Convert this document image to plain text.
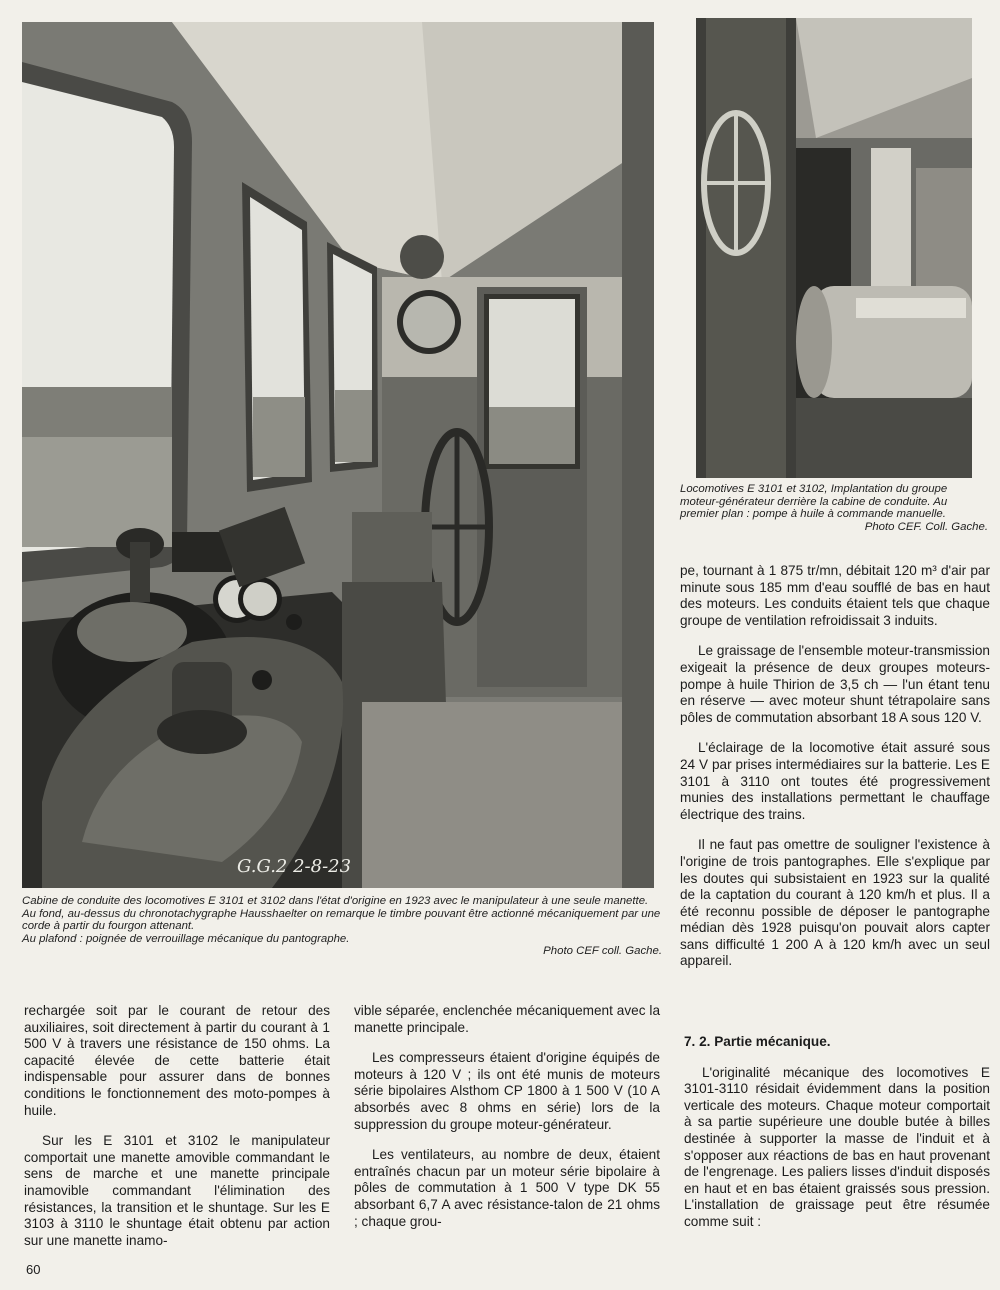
G.G.2 2-8-23

Locomotives E 3101 et 3102, Implantation du groupe moteur-générateur derrière la cabine de conduite. Au premier plan : pompe à huile à commande manuelle.

Photo CEF. Coll. Gache.

pe, tournant à 1 875 tr/mn, débitait 120 m³ d'air par minute sous 185 mm d'eau soufflé de bas en haut des moteurs. Les conduits étaient tels que chaque groupe de ventilation refroidissait 3 induits.

Le graissage de l'ensemble moteur-transmission exigeait la présence de deux groupes moteurs-pompe à huile Thirion de 3,5 ch — l'un étant tenu en réserve — avec moteur shunt tétrapolaire sans pôles de commutation absorbant 18 A sous 120 V.

L'éclairage de la locomotive était assuré sous 24 V par prises intermédiaires sur la batterie. Les E 3101 à 3110 ont toutes été progressivement munies des installations permettant le chauffage électrique des trains.

Il ne faut pas omettre de souligner l'existence à l'origine de trois pantographes. Elle s'explique par les doutes qui subsistaient en 1923 sur la qualité de la captation du courant à 120 km/h et plus. Il a été reconnu possible de déposer le pantographe médian dès 1928 puisqu'on pouvait alors capter sans difficulté 1 200 A à 120 km/h avec un seul appareil.

Cabine de conduite des locomotives E 3101 et 3102 dans l'état d'origine en 1923 avec le manipulateur à une seule manette.

Au fond, au-dessus du chronotachygraphe Hausshaelter on remarque le timbre pouvant être actionné mécaniquement par une corde à partir du fourgon attenant.

Au plafond : poignée de verrouillage mécanique du pantographe.

Photo CEF coll. Gache.

rechargée soit par le courant de retour des auxiliaires, soit directement à partir du courant à 1 500 V à travers une résistance de 150 ohms. La capacité élevée de cette batterie était indispensable pour assurer dans de bonnes conditions le fonctionnement des moto-pompes à huile.

Sur les E 3101 et 3102 le manipulateur comportait une manette amovible commandant le sens de marche et une manette principale inamovible commandant l'élimination des résistances, la transition et le shuntage. Sur les E 3103 à 3110 le shuntage était obtenu par action sur une manette inamo-

vible séparée, enclenchée mécaniquement avec la manette principale.

Les compresseurs étaient d'origine équipés de moteurs à 120 V ; ils ont été munis de moteurs série bipolaires Alsthom CP 1800 à 1 500 V (10 A absorbés avec 8 ohms en série) lors de la suppression du groupe moteur-générateur.

Les ventilateurs, au nombre de deux, étaient entraînés chacun par un moteur série bipolaire à pôles de commutation à 1 500 V type DK 55 absorbant 6,7 A avec résistance-talon de 21 ohms ; chaque grou-

7. 2. Partie mécanique.

L'originalité mécanique des locomotives E 3101-3110 résidait évidemment dans la position verticale des moteurs. Chaque moteur comportait à sa partie supérieure une double butée à billes destinée à supporter la masse de l'induit et à s'opposer aux réactions de bas en haut provenant de l'engrenage. Les paliers lisses d'induit disposés en haut et en bas étaient graissés sous pression. L'installation de graissage peut être résumée comme suit :

60
